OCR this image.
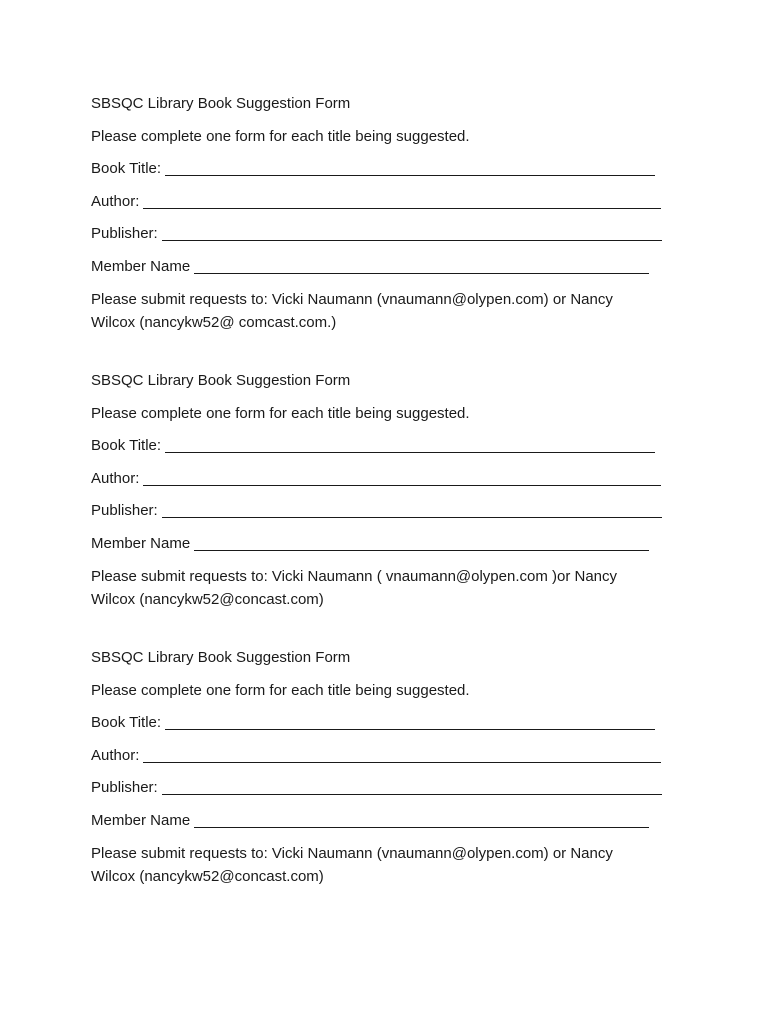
SBSQC Library Book Suggestion Form
Please complete one form for each title being suggested.
Book Title:
Author:
Publisher:
Member Name
Please submit requests to: Vicki Naumann (vnaumann@olypen.com) or Nancy
Wilcox (nancykw52@ comcast.com.)
SBSQC Library Book Suggestion Form
Please complete one form for each title being suggested.
Book Title:
Author:
Publisher:
Member Name
Please submit requests to: Vicki Naumann ( vnaumann@olypen.com )or Nancy
Wilcox (nancykw52@concast.com)
SBSQC Library Book Suggestion Form
Please complete one form for each title being suggested.
Book Title:
Author:
Publisher:
Member Name
Please submit requests to: Vicki Naumann (vnaumann@olypen.com) or Nancy
Wilcox (nancykw52@concast.com)
